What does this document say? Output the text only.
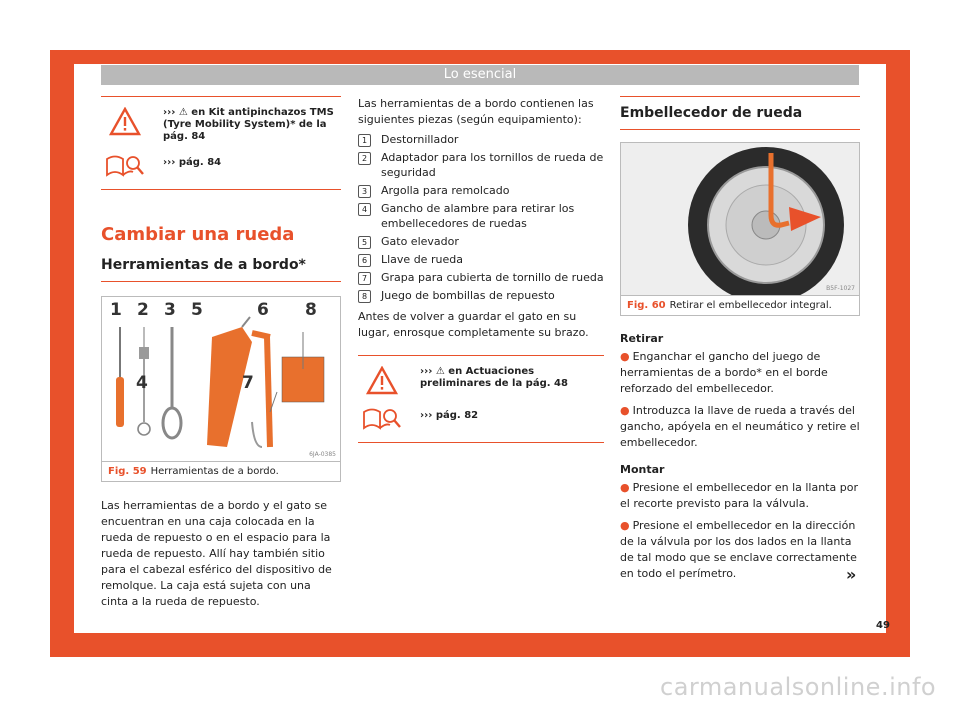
Lo esencial
››› ⚠ en Kit antipinchazos TMS (Tyre Mobility System)* de la pág. 84
››› pág. 84
Cambiar una rueda
Herramientas de a bordo*
1 2 3 5	6 8
4	7
6JA-0385
Fig. 59 Herramientas de a bordo.

Las herramientas de a bordo y el gato se encuentran en una caja colocada en la rueda de repuesto o en el espacio para la rueda de repuesto. Allí hay también sitio para el cabezal esférico del dispositivo de remolque. La caja está sujeta con una cinta a la rueda de repuesto.

Las herramientas de a bordo contienen las siguientes piezas (según equipamiento):

1	Destornillador
2	Adaptador para los tornillos de rueda de seguridad
3	Argolla para remolcado
4	Gancho de alambre para retirar los embellecedores de ruedas
5	Gato elevador
6	Llave de rueda
7	Grapa para cubierta de tornillo de rueda
8	Juego de bombillas de repuesto

Antes de volver a guardar el gato en su lugar, enrosque completamente su brazo.

››› ⚠ en Actuaciones preliminares de la pág. 48
››› pág. 82
Embellecedor de rueda
B5F-1027
Fig. 60 Retirar el embellecedor integral.
Retirar

● Enganchar el gancho del juego de herramientas de a bordo* en el borde reforzado del embellecedor.

● Introduzca la llave de rueda a través del gancho, apóyela en el neumático y retire el embellecedor.

Montar

● Presione el embellecedor en la llanta por el recorte previsto para la válvula.

● Presione el embellecedor en la dirección de la válvula por los dos lados en la llanta de tal modo que se enclave correctamente en todo el perímetro.	»
49
carmanualsonline.info
